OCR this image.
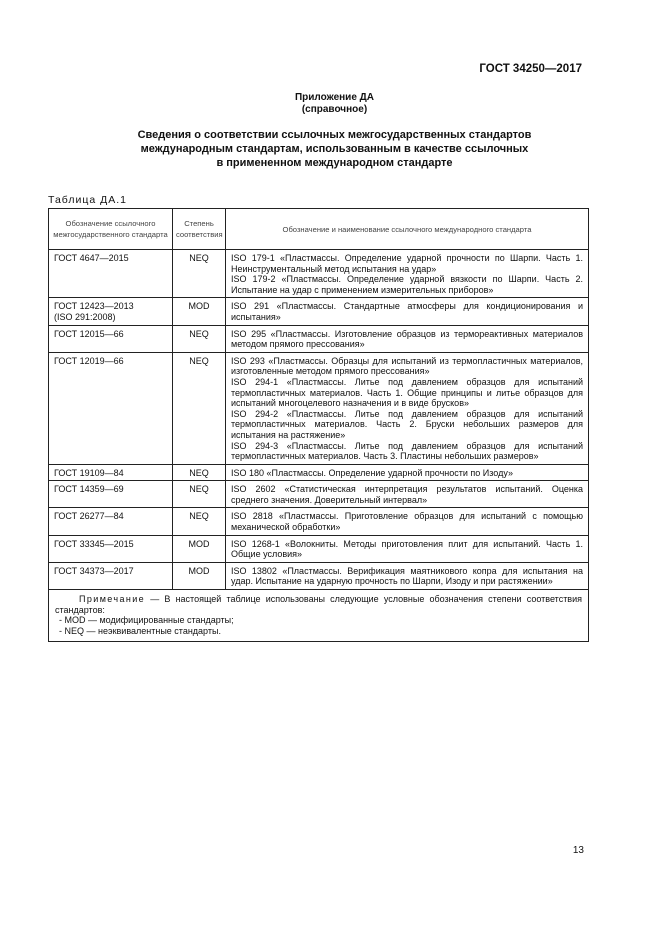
ГОСТ 34250—2017
Приложение ДА
(справочное)
Сведения о соответствии ссылочных межгосударственных стандартов
международным стандартам, использованным в качестве ссылочных
в примененном международном стандарте
Таблица ДА.1
Обозначение ссылочного межгосударственного стандарта	Степень соответствия	Обозначение и наименование ссылочного международного стандарта
ГОСТ 4647—2015	NEQ	ISO 179-1 «Пластмассы. Определение ударной прочности по Шарпи. Часть 1. Неинструментальный метод испытания на удар»
ISO 179-2 «Пластмассы. Определение ударной вязкости по Шарпи. Часть 2. Испытание на удар с применением измерительных приборов»

ГОСТ 12423—2013
(ISO 291:2008)	MOD	ISO 291 «Пластмассы. Стандартные атмосферы для кондиционирования и испытания»

ГОСТ 12015—66	NEQ	ISO 295 «Пластмассы. Изготовление образцов из термореактивных материалов методом прямого прессования»

ГОСТ 12019—66	NEQ	ISO 293 «Пластмассы. Образцы для испытаний из термопластичных материалов, изготовленные методом прямого прессования»
ISO 294-1 «Пластмассы. Литье под давлением образцов для испытаний термопластичных материалов. Часть 1. Общие принципы и литье образцов для испытаний многоцелевого назначения и в виде брусков»
ISO 294-2 «Пластмассы. Литье под давлением образцов для испытаний термопластичных материалов. Часть 2. Бруски небольших размеров для испытания на растяжение»
ISO 294-3 «Пластмассы. Литье под давлением образцов для испытаний термопластичных материалов. Часть 3. Пластины небольших размеров»

ГОСТ 19109—84	NEQ	ISO 180 «Пластмассы. Определение ударной прочности по Изоду»

ГОСТ 14359—69	NEQ	ISO 2602 «Статистическая интерпретация результатов испытаний. Оценка среднего значения. Доверительный интервал»

ГОСТ 26277—84	NEQ	ISO 2818 «Пластмассы. Приготовление образцов для испытаний с помощью механической обработки»

ГОСТ 33345—2015	MOD	ISO 1268-1 «Волокниты. Методы приготовления плит для испытаний. Часть 1. Общие условия»

ГОСТ 34373—2017	MOD	ISO 13802 «Пластмассы. Верификация маятникового копра для испытания на удар. Испытание на ударную прочность по Шарпи, Изоду и при растяжении»

Примечание — В настоящей таблице использованы следующие условные обозначения степени соответствия стандартов:
- MOD — модифицированные стандарты;
- NEQ — неэквивалентные стандарты.		
13
